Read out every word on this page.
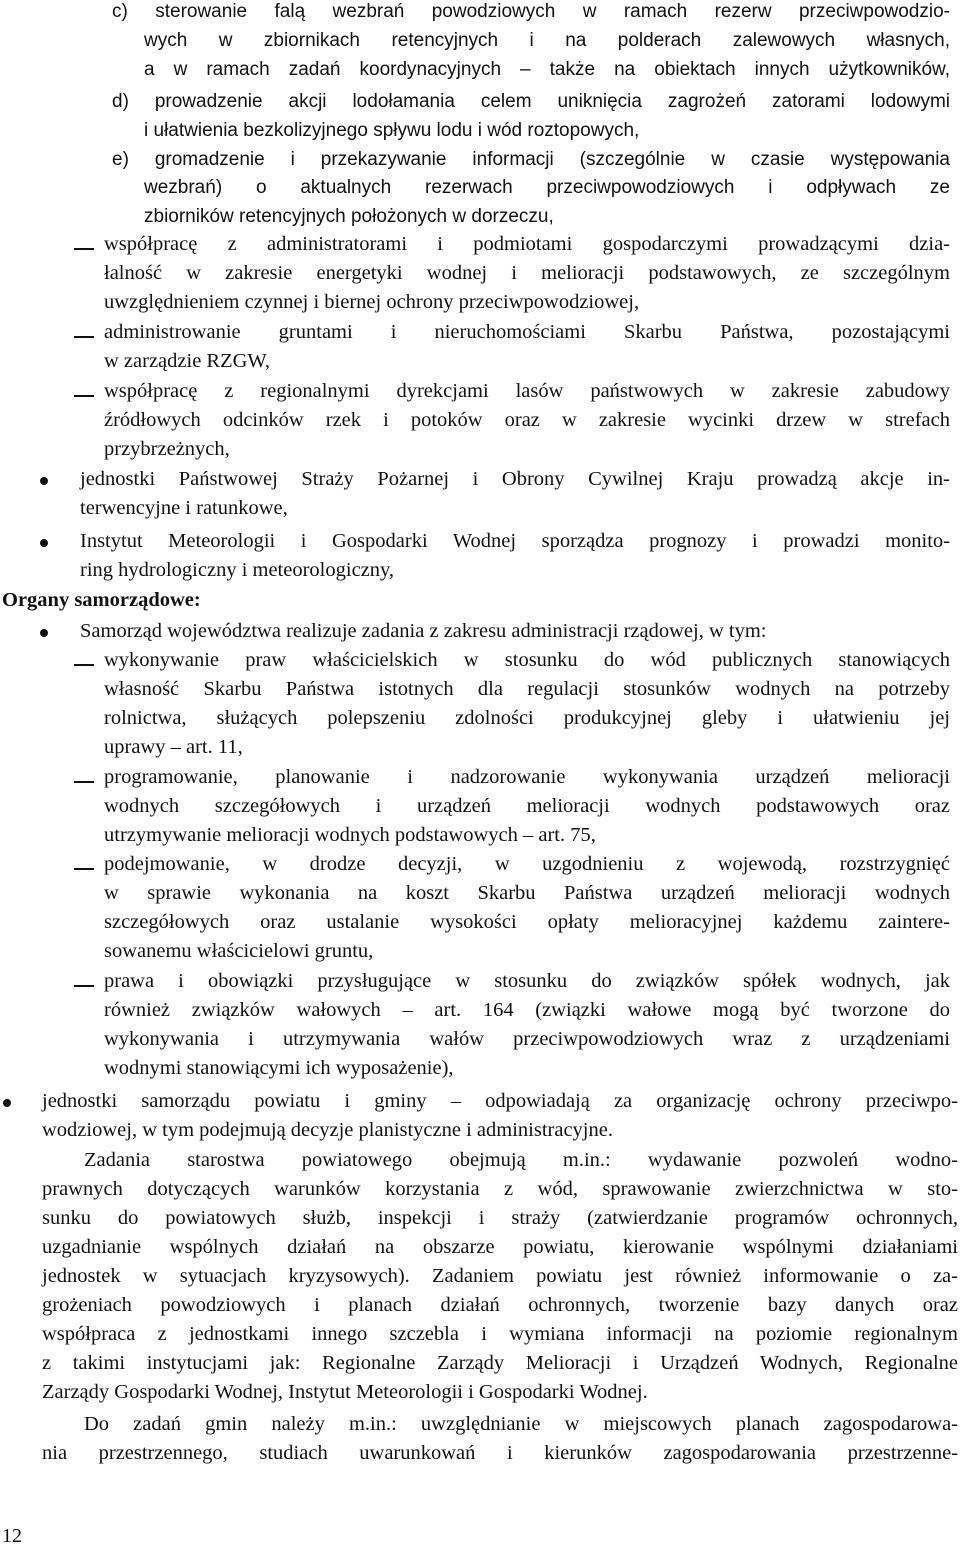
c) sterowanie falą wezbrań powodziowych w ramach rezerw przeciwpowodzio-
wych w zbiornikach retencyjnych i na polderach zalewowych własnych,
a w ramach zadań koordynacyjnych – także na obiektach innych użytkowników,
d) prowadzenie akcji lodołamania celem uniknięcia zagrożeń zatorami lodowymi
i ułatwienia bezkolizyjnego spływu lodu i wód roztopowych,
e) gromadzenie i przekazywanie informacji (szczególnie w czasie występowania
wezbrań) o aktualnych rezerwach przeciwpowodziowych i odpływach ze
zbiorników retencyjnych położonych w dorzeczu,
współpracę z administratorami i podmiotami gospodarczymi prowadzącymi dzia-
łalność w zakresie energetyki wodnej i melioracji podstawowych, ze szczególnym
uwzględnieniem czynnej i biernej ochrony przeciwpowodziowej,
administrowanie gruntami i nieruchomościami Skarbu Państwa, pozostającymi
w zarządzie RZGW,
współpracę z regionalnymi dyrekcjami lasów państwowych w zakresie zabudowy
źródłowych odcinków rzek i potoków oraz w zakresie wycinki drzew w strefach
przybrzeżnych,
jednostki Państwowej Straży Pożarnej i Obrony Cywilnej Kraju prowadzą akcje in-
terwencyjne i ratunkowe,
Instytut Meteorologii i Gospodarki Wodnej sporządza prognozy i prowadzi monito-
ring hydrologiczny i meteorologiczny,
Organy samorządowe:
Samorząd województwa realizuje zadania z zakresu administracji rządowej, w tym:
wykonywanie praw właścicielskich w stosunku do wód publicznych stanowiących
własność Skarbu Państwa istotnych dla regulacji stosunków wodnych na potrzeby
rolnictwa, służących polepszeniu zdolności produkcyjnej gleby i ułatwieniu jej
uprawy – art. 11,
programowanie, planowanie i nadzorowanie wykonywania urządzeń melioracji
wodnych szczegółowych i urządzeń melioracji wodnych podstawowych oraz
utrzymywanie melioracji wodnych podstawowych – art. 75,
podejmowanie, w drodze decyzji, w uzgodnieniu z wojewodą, rozstrzygnięć
w sprawie wykonania na koszt Skarbu Państwa urządzeń melioracji wodnych
szczegółowych oraz ustalanie wysokości opłaty melioracyjnej każdemu zaintere-
sowanemu właścicielowi gruntu,
prawa i obowiązki przysługujące w stosunku do związków spółek wodnych, jak
również związków wałowych – art. 164 (związki wałowe mogą być tworzone do
wykonywania i utrzymywania wałów przeciwpowodziowych wraz z urządzeniami
wodnymi stanowiącymi ich wyposażenie),
jednostki samorządu powiatu i gminy – odpowiadają za organizację ochrony przeciwpo-
wodziowej, w tym podejmują decyzje planistyczne i administracyjne.
Zadania starostwa powiatowego obejmują m.in.: wydawanie pozwoleń wodno-
prawnych dotyczących warunków korzystania z wód, sprawowanie zwierzchnictwa w sto-
sunku do powiatowych służb, inspekcji i straży (zatwierdzanie programów ochronnych,
uzgadnianie wspólnych działań na obszarze powiatu, kierowanie wspólnymi działaniami
jednostek w sytuacjach kryzysowych). Zadaniem powiatu jest również informowanie o za-
grożeniach powodziowych i planach działań ochronnych, tworzenie bazy danych oraz
współpraca z jednostkami innego szczebla i wymiana informacji na poziomie regionalnym
z takimi instytucjami jak: Regionalne Zarządy Melioracji i Urządzeń Wodnych, Regionalne
Zarządy Gospodarki Wodnej, Instytut Meteorologii i Gospodarki Wodnej.
Do zadań gmin należy m.in.: uwzględnianie w miejscowych planach zagospodarowa-
nia przestrzennego, studiach uwarunkowań i kierunków zagospodarowania przestrzenne-
12
